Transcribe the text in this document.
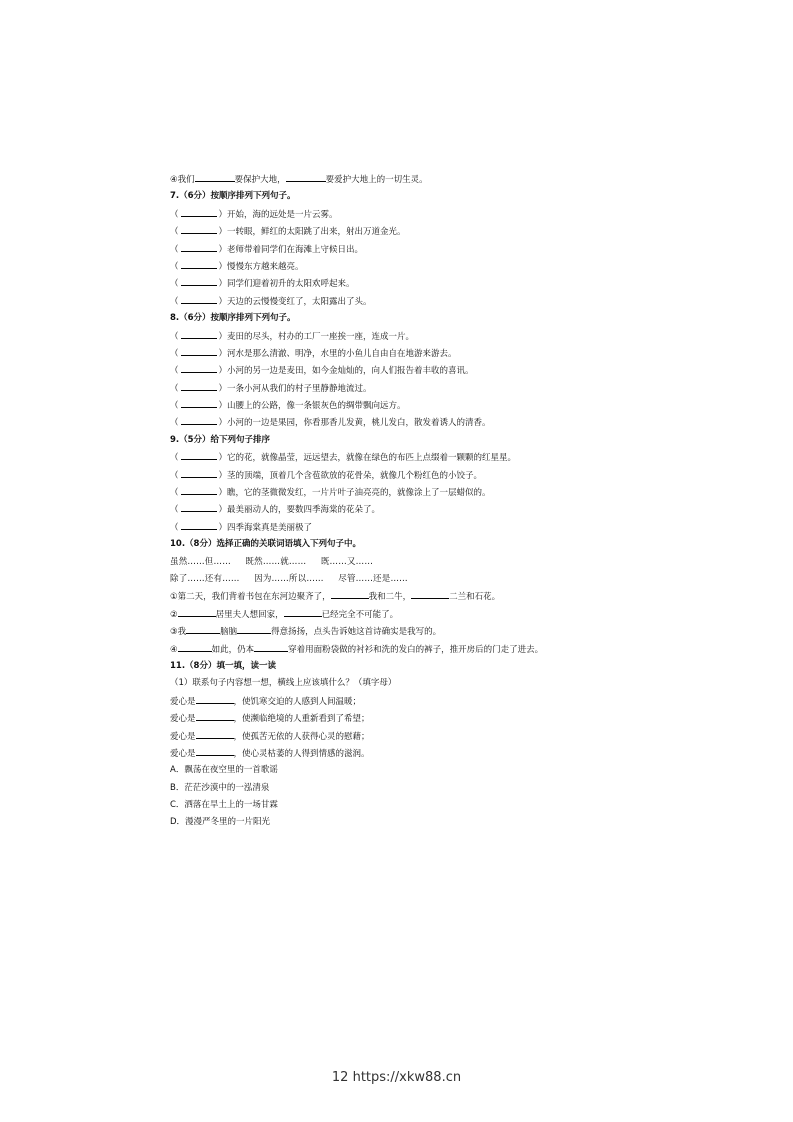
④我们	要保护大地，	要爱护大地上的一切生灵。
7.（6分）按顺序排列下列句子。
（	）开始，海的远处是一片云雾。
（	）一转眼，鲜红的太阳跳了出来，射出万道金光。
（	）老师带着同学们在海滩上守候日出。
（	）慢慢东方越来越亮。
（	）同学们迎着初升的太阳欢呼起来。
（	）天边的云慢慢变红了，太阳露出了头。
8.（6分）按顺序排列下列句子。
（	）麦田的尽头，村办的工厂一座挨一座，连成一片。
（	）河水是那么清澈、明净，水里的小鱼儿自由自在地游来游去。
（	）小河的另一边是麦田，如今金灿灿的，向人们报告着丰收的喜讯。
（	）一条小河从我们的村子里静静地流过。
（	）山腰上的公路，像一条银灰色的绸带飘向远方。
（	）小河的一边是果园，你看那香儿发黄，桃儿发白，散发着诱人的清香。
9.（5分）给下列句子排序
（	）它的花，就像晶莹，远远望去，就像在绿色的布匹上点缀着一颗颗的红星星。
（	）茎的顶端，顶着几个含苞欲放的花骨朵，就像几个粉红色的小饺子。
（	）瞧，它的茎微微发红，一片片叶子油亮亮的，就像涂上了一层蜡似的。
（	）最美丽动人的，要数四季海棠的花朵了。
（	）四季海棠真是美丽极了
10.（8分）选择正确的关联词语填入下列句子中。
虽然……但…… 既然……就…… 既……又……
除了……还有…… 因为……所以…… 尽管……还是……
①第二天，我们背着书包在东河边聚齐了，	我和二牛，	二兰和石花。
②	居里夫人想回家，	已经完全不可能了。
③我	脑脑	得意扬扬，点头告诉她这首诗确实是我写的。
④	如此，仍本	穿着用面粉袋做的衬衫和洗的发白的裤子，推开房后的门走了进去。
11.（8分）填一填，读一读
（1）联系句子内容想一想，横线上应该填什么？（填字母）
爱心是	，使饥寒交迫的人感到人间温暖；
爱心是	，使濒临绝境的人重新看到了希望；
爱心是	，使孤苦无依的人获得心灵的慰藉；
爱心是	，使心灵枯萎的人得到情感的滋润。
A．飘荡在夜空里的一首歌谣
B．茫茫沙漠中的一泓清泉
C．洒落在旱土上的一场甘霖
D．漫漫严冬里的一片阳光
12 https://xkw88.cn
